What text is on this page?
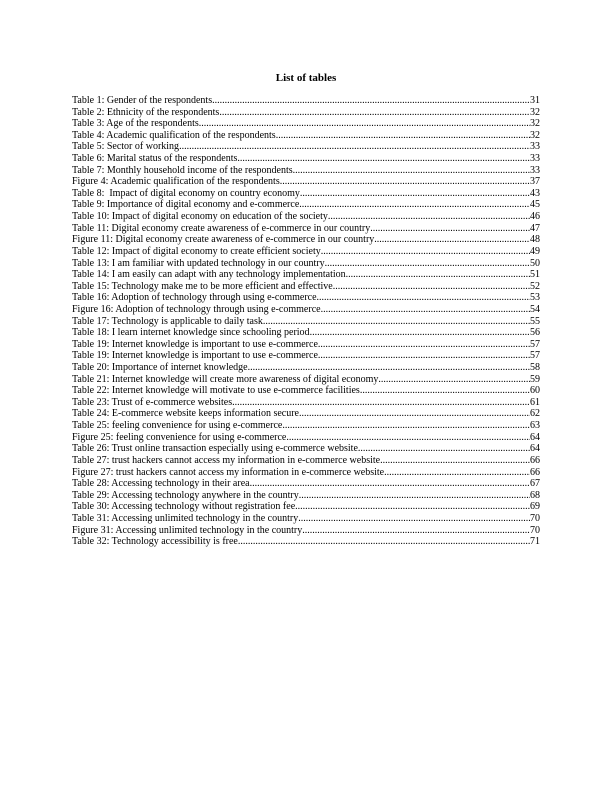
List of tables
Table 1: Gender of the respondents .....	31
Table 2: Ethnicity of the respondents .....	32
Table 3: Age of the respondents .....	32
Table 4: Academic qualification of the respondents .....	32
Table 5: Sector of working .....	33
Table 6: Marital status of the respondents .....	33
Table 7: Monthly household income of the respondents .....	33
Figure 4: Academic qualification of the respondents .....	37
Table 8:  Impact of digital economy on country economy .....	43
Table 9: Importance of digital economy and e-commerce .....	45
Table 10: Impact of digital economy on education of the society .....	46
Table 11: Digital economy create awareness of e-commerce in our country .....	47
Figure 11: Digital economy create awareness of e-commerce in our country .....	48
Table 12: Impact of digital economy to create efficient society .....	49
Table 13: I am familiar with updated technology in our country .....	50
Table 14: I am easily can adapt with any technology implementation .....	51
Table 15: Technology make me to be more efficient and effective .....	52
Table 16: Adoption of technology through using e-commerce .....	53
Figure 16: Adoption of technology through using e-commerce .....	54
Table 17: Technology is applicable to daily task .....	55
Table 18: I learn internet knowledge since schooling period .....	56
Table 19: Internet knowledge is important to use e-commerce .....	57
Table 19: Internet knowledge is important to use e-commerce .....	57
Table 20: Importance of internet knowledge .....	58
Table 21: Internet knowledge will create more awareness of digital economy .....	59
Table 22: Internet knowledge will motivate to use e-commerce facilities .....	60
Table 23: Trust of e-commerce websites .....	61
Table 24: E-commerce website keeps information secure .....	62
Table 25: feeling convenience for using e-commerce .....	63
Figure 25: feeling convenience for using e-commerce .....	64
Table 26: Trust online transaction especially using e-commerce website .....	64
Table 27: trust hackers cannot access my information in e-commerce website .....	66
Figure 27: trust hackers cannot access my information in e-commerce website .....	66
Table 28: Accessing technology in their area .....	67
Table 29: Accessing technology anywhere in the country .....	68
Table 30: Accessing technology without registration fee .....	69
Table 31: Accessing unlimited technology in the country .....	70
Figure 31: Accessing unlimited technology in the country .....	70
Table 32: Technology accessibility is free .....	71
